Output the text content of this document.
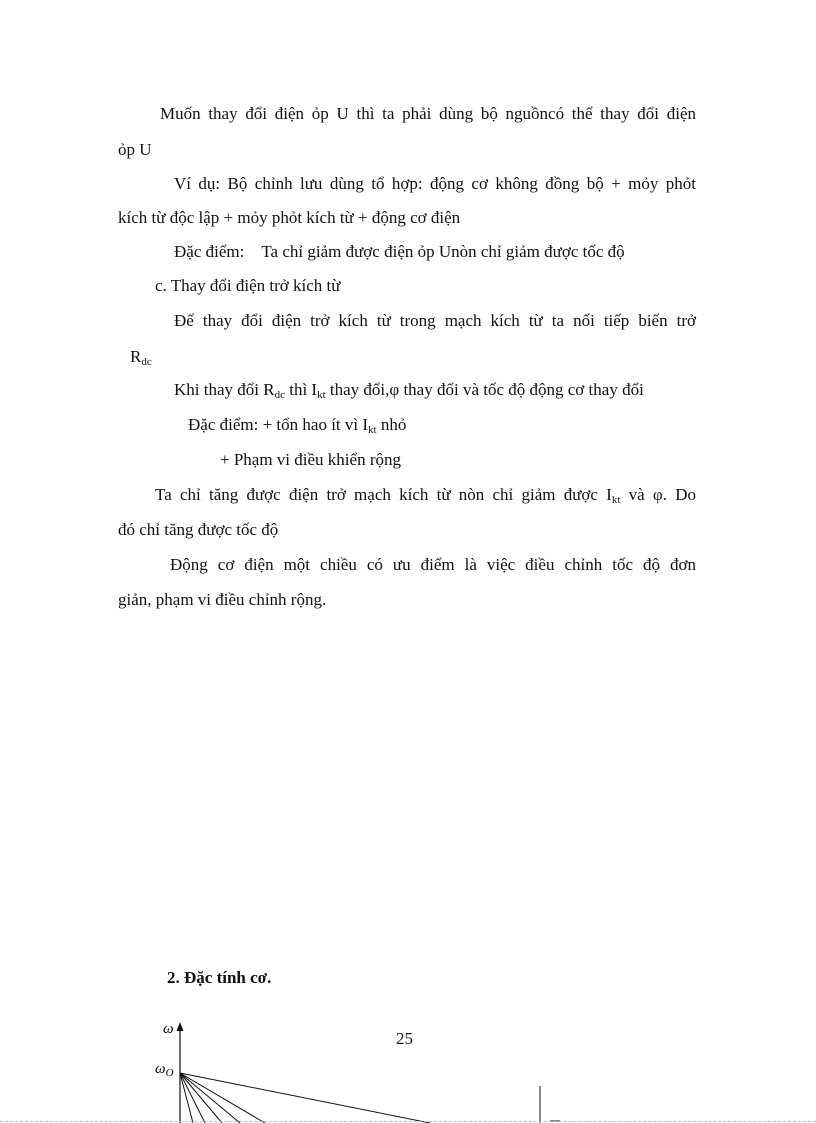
Muốn thay đổi điện ỏp U thì ta phải dùng bộ nguồncó thể thay đổi điện
ỏp U
Ví dụ: Bộ chỉnh lưu dùng tổ hợp: động cơ không đồng bộ + mỏy phỏt
kích từ độc lập + mỏy phỏt kích từ + động cơ điện
Đặc điểm: Ta chỉ giảm được điện ỏp Unòn chỉ giảm được tốc độ
c. Thay đổi điện trở kích từ
Để thay đổi điện trở kích từ trong mạch kích từ ta nối tiếp biến trở
$R_{dc}$
Khi thay đổi $R_{dc}$ thì $I_{kt}$ thay đổi,φ thay đổi và tốc độ động cơ thay đổi
Đặc điểm: + tổn hao ít vì $I_{kt}$ nhỏ
+ Phạm vi điều khiển rộng
Ta chỉ tăng được điện trở mạch kích từ nòn chỉ giảm được $I_{kt}$ và φ. Do
đó chỉ tăng được tốc độ
Động cơ điện một chiều có ưu điểm là việc điều chỉnh tốc độ đơn
giản, phạm vi điều chỉnh rộng.
2. Đặc tính cơ.
25
ω
$\omega_O$
